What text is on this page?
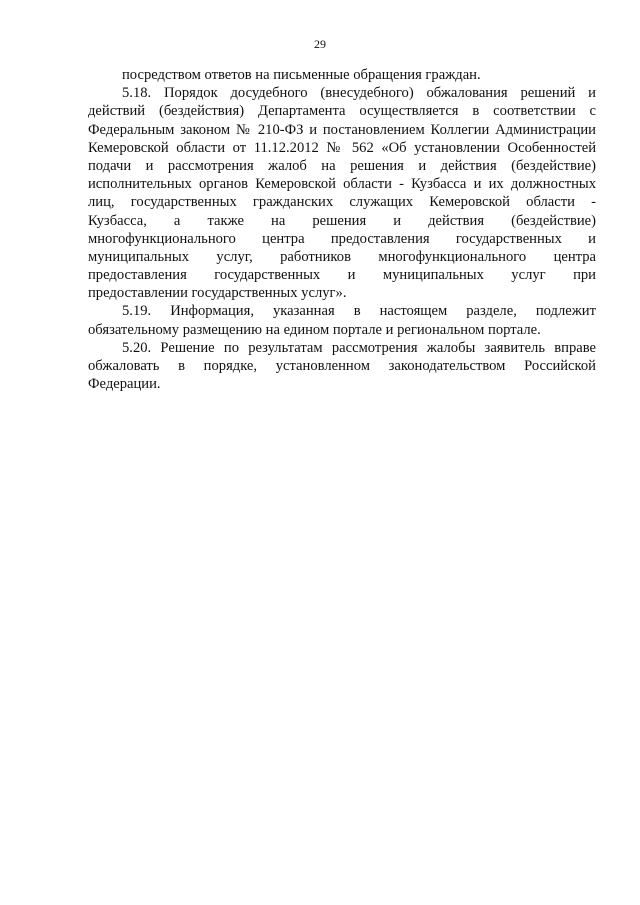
29
посредством ответов на письменные обращения граждан.
5.18. Порядок досудебного (внесудебного) обжалования решений и
действий (бездействия) Департамента осуществляется в соответствии с
Федеральным законом № 210-ФЗ и постановлением Коллегии Администрации
Кемеровской области от 11.12.2012 № 562 «Об установлении Особенностей
подачи и рассмотрения жалоб на решения и действия (бездействие)
исполнительных органов Кемеровской области - Кузбасса и их должностных
лиц, государственных гражданских служащих Кемеровской области -
Кузбасса, а также на решения и действия (бездействие)
многофункционального центра предоставления государственных и
муниципальных услуг, работников многофункционального центра
предоставления государственных и муниципальных услуг при
предоставлении государственных услуг».
5.19. Информация, указанная в настоящем разделе, подлежит
обязательному размещению на едином портале и региональном портале.
5.20. Решение по результатам рассмотрения жалобы заявитель вправе
обжаловать в порядке, установленном законодательством Российской
Федерации.
